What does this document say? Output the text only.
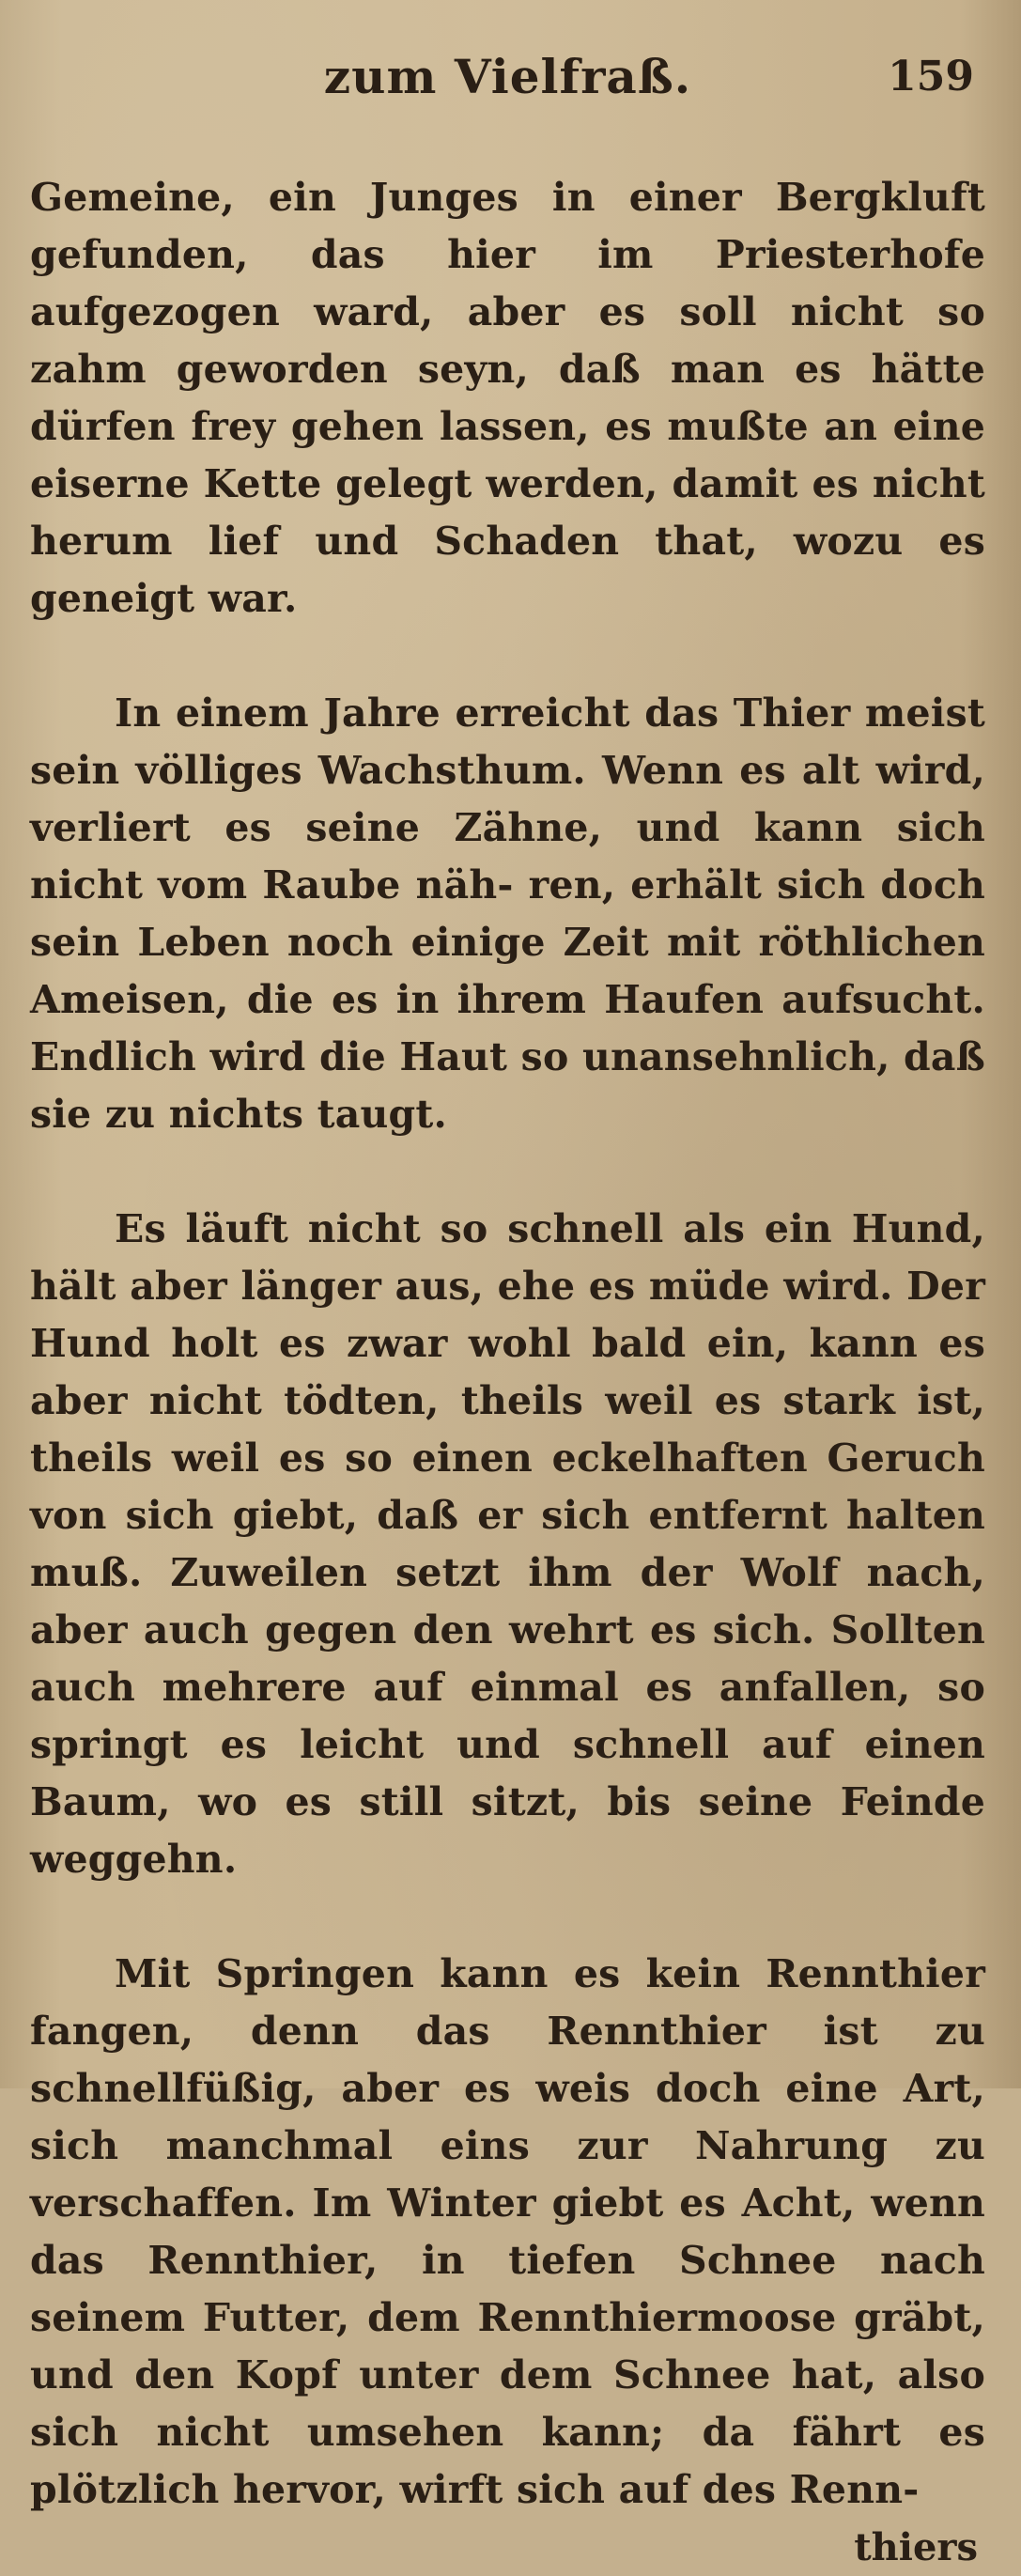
zum Vielfraß.	159

Gemeine, ein Junges in einer Bergkluft gefunden, das hier im Priesterhofe aufgezogen ward, aber es soll nicht so zahm geworden seyn, daß man es hätte dürfen frey gehen lassen, es mußte an eine eiserne Kette gelegt werden, damit es nicht herum lief und Schaden that, wozu es geneigt war.

In einem Jahre erreicht das Thier meist sein völliges Wachsthum. Wenn es alt wird, verliert es seine Zähne, und kann sich nicht vom Raube näh- ren, erhält sich doch sein Leben noch einige Zeit mit röthlichen Ameisen, die es in ihrem Haufen aufsucht. Endlich wird die Haut so unansehnlich, daß sie zu nichts taugt.

Es läuft nicht so schnell als ein Hund, hält aber länger aus, ehe es müde wird. Der Hund holt es zwar wohl bald ein, kann es aber nicht tödten, theils weil es stark ist, theils weil es so einen eckelhaften Geruch von sich giebt, daß er sich entfernt halten muß. Zuweilen setzt ihm der Wolf nach, aber auch gegen den wehrt es sich. Sollten auch mehrere auf einmal es anfallen, so springt es leicht und schnell auf einen Baum, wo es still sitzt, bis seine Feinde weggehn.

Mit Springen kann es kein Rennthier fangen, denn das Rennthier ist zu schnellfüßig, aber es weis doch eine Art, sich manchmal eins zur Nahrung zu verschaffen. Im Winter giebt es Acht, wenn das Rennthier, in tiefen Schnee nach seinem Futter, dem Rennthiermoose gräbt, und den Kopf unter dem Schnee hat, also sich nicht umsehen kann; da fährt es plötzlich hervor, wirft sich auf des Renn-

thiers
